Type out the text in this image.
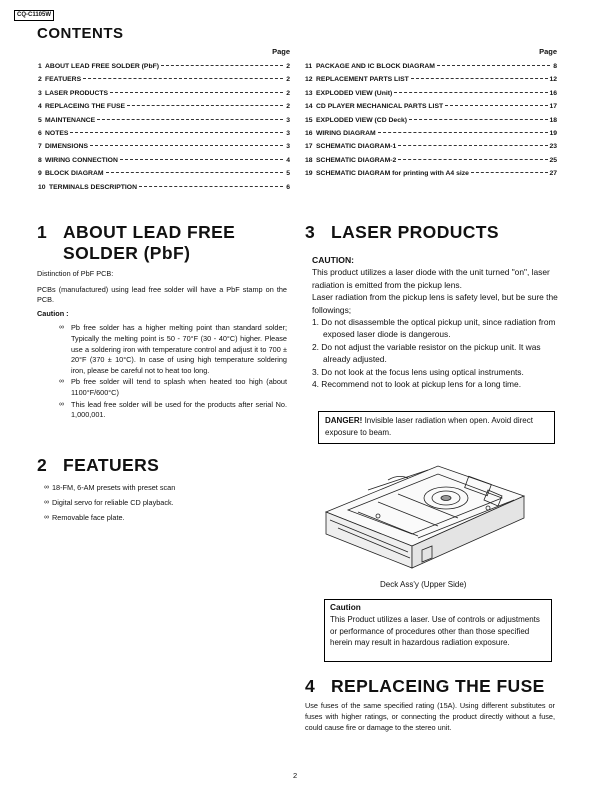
CQ-C1105W
CONTENTS
Page
1 ABOUT LEAD FREE SOLDER (PbF)	2
2 FEATUERS	2
3 LASER PRODUCTS	2
4 REPLACEING THE FUSE	2
5 MAINTENANCE	3
6 NOTES	3
7 DIMENSIONS	3
8 WIRING CONNECTION	4
9 BLOCK DIAGRAM	5
10 TERMINALS DESCRIPTION	6
Page
11 PACKAGE AND IC BLOCK DIAGRAM	8
12 REPLACEMENT PARTS LIST	12
13 EXPLODED VIEW (Unit)	16
14 CD PLAYER MECHANICAL PARTS LIST	17
15 EXPLODED VIEW (CD Deck)	18
16 WIRING DIAGRAM	19
17 SCHEMATIC DIAGRAM-1	23
18 SCHEMATIC DIAGRAM-2	25
19 SCHEMATIC DIAGRAM for printing with A4 size	27
1 ABOUT LEAD FREE
SOLDER (PbF)
Distinction of PbF PCB:
PCBs (manufactured) using lead free solder will have a PbF stamp on the PCB.
Caution :
∞ Pb free solder has a higher melting point than standard solder; Typically the melting point is 50 - 70°F (30 - 40°C) higher. Please use a soldering iron with temperature control and adjust it to 700 ± 20°F (370 ± 10°C). In case of using high temperature soldering iron, please be careful not to heat too long.
∞ Pb free solder will tend to splash when heated too high (about 1100°F/600°C)
∞ This lead free solder will be used for the products after serial No. 1,000,001.
2 FEATUERS
∞ 18-FM, 6-AM presets with preset scan
∞ Digital servo for reliable CD playback.
∞ Removable face plate.
3 LASER PRODUCTS
CAUTION:
This product utilizes a laser diode with the unit turned "on", laser radiation is emitted from the pickup lens.
Laser radiation from the pickup lens is safety level, but be sure the followings;
1. Do not disassemble the optical pickup unit, since radiation from exposed laser diode is dangerous.
2. Do not adjust the variable resistor on the pickup unit. It was already adjusted.
3. Do not look at the focus lens using optical instruments.
4. Recommend not to look at pickup lens for a long time.
DANGER! Invisible laser radiation when open. Avoid direct exposure to beam.
Deck Ass'y (Upper Side)
Caution
This Product utilizes a laser. Use of controls or adjustments or performance of procedures other than those specified herein may result in hazardous radiation exposure.
4 REPLACEING THE FUSE
Use fuses of the same specified rating (15A). Using different substitutes or fuses with higher ratings, or connecting the product directly without a fuse, could cause fire or damage to the stereo unit.
2
